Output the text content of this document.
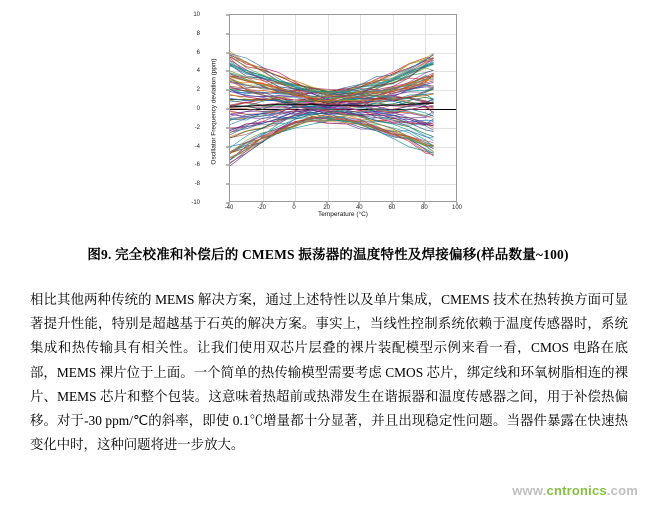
Oscillator Frequency deviation (ppm)
10
8
6
4
2
0
-2
-4
-6
-8
-10
-40	-20	0	20	40	60	80	100
Temperature (°C)
图9. 完全校准和补偿后的 CMEMS 振荡器的温度特性及焊接偏移(样品数量~100)
相比其他两种传统的 MEMS 解决方案，通过上述特性以及单片集成，CMEMS 技术在热转换方面可显著提升性能，特别是超越基于石英的解决方案。事实上，当线性控制系统依赖于温度传感器时，系统集成和热传输具有相关性。让我们使用双芯片层叠的裸片装配模型示例来看一看，CMOS 电路在底部，MEMS 裸片位于上面。一个简单的热传输模型需要考虑 CMOS 芯片，绑定线和环氧树脂相连的裸片、MEMS 芯片和整个包装。这意味着热超前或热滞发生在谐振器和温度传感器之间，用于补偿热偏移。对于-30 ppm/℃的斜率，即使 0.1℃增量都十分显著，并且出现稳定性问题。当器件暴露在快速热变化中时，这种问题将进一步放大。
www.cntronics.com
